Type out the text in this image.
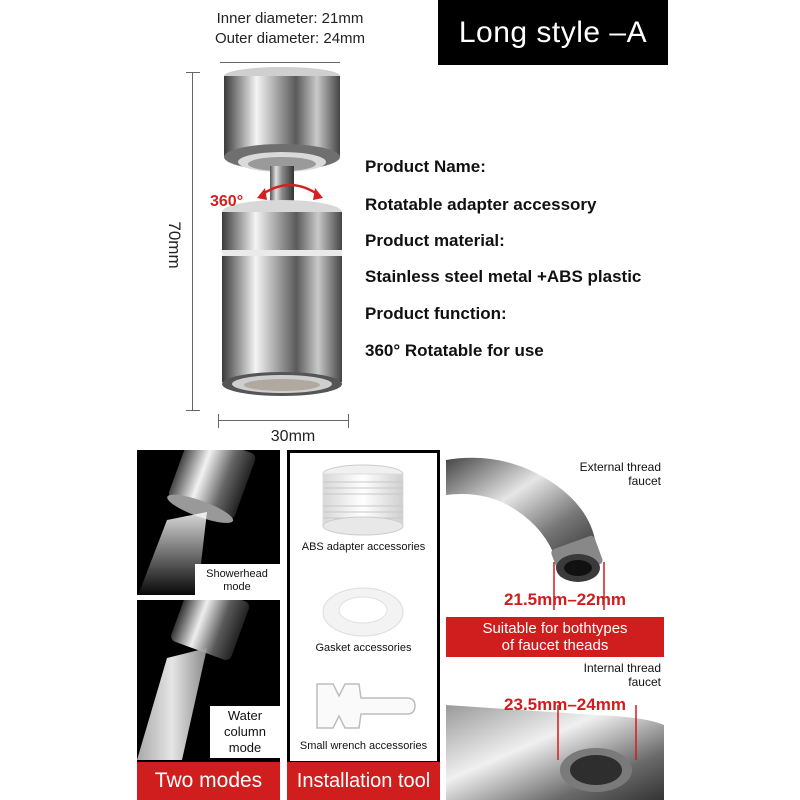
Inner diameter: 21mm
Outer diameter: 24mm	Long style –A
70mm
30mm
360°
Product Name:
Rotatable adapter accessory
Product material:
Stainless steel metal +ABS plastic
Product function:
360° Rotatable for use
Two modes
Showerhead
mode
Water
column
mode
ABS adapter accessories
Gasket accessories
Small wrench accessories
Installation tool
External thread
faucet
21.5mm–22mm
Suitable for bothtypes
of faucet theads
Internal thread
faucet
23.5mm–24mm
